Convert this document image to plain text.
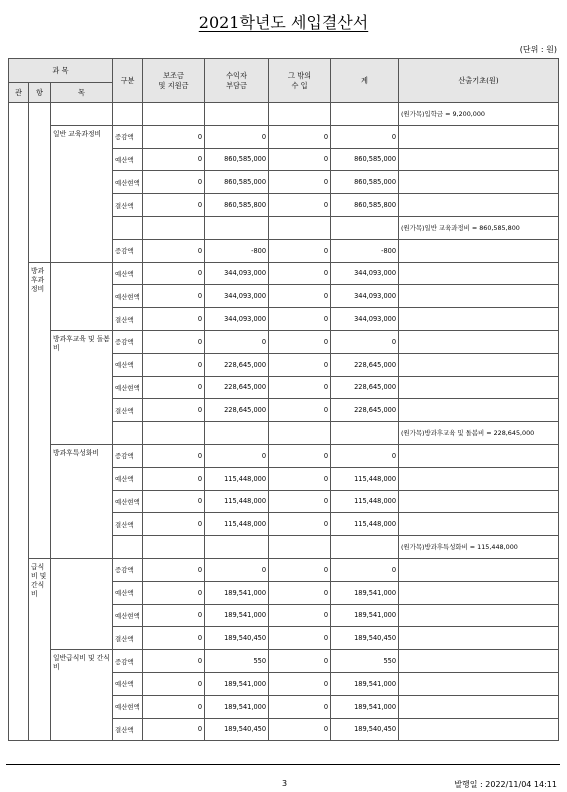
2021학년도 세입결산서
(단위 : 원)
과 목			구분	보조금
및 지원금	수익자
부담금	그 밖의
수 입	계	산출기초(원)
관	항	목						
								(원가목)입학금 = 9,200,000
		일반 교육과정비	증감액	0	0	0	0	
			예산액	0	860,585,000	0	860,585,000	
			예산현액	0	860,585,000	0	860,585,000	
			결산액	0	860,585,800	0	860,585,800	
								(원가목)일반 교육과정비 = 860,585,800
			증감액	0	-800	0	-800	
	방과후과정비		예산액	0	344,093,000	0	344,093,000	
			예산현액	0	344,093,000	0	344,093,000	
			결산액	0	344,093,000	0	344,093,000	
		방과후교육 및 돌봄비	증감액	0	0	0	0	
			예산액	0	228,645,000	0	228,645,000	
			예산현액	0	228,645,000	0	228,645,000	
			결산액	0	228,645,000	0	228,645,000	
								(원가목)방과후교육 및 돌봄비 = 228,645,000
		방과후특성화비	증감액	0	0	0	0	
			예산액	0	115,448,000	0	115,448,000	
			예산현액	0	115,448,000	0	115,448,000	
			결산액	0	115,448,000	0	115,448,000	
								(원가목)방과후특성화비 = 115,448,000
	급식비 및 간식비		증감액	0	0	0	0	
			예산액	0	189,541,000	0	189,541,000	
			예산현액	0	189,541,000	0	189,541,000	
			결산액	0	189,540,450	0	189,540,450	
		일반급식비 및 간식비	증감액	0	550	0	550	
			예산액	0	189,541,000	0	189,541,000	
			예산현액	0	189,541,000	0	189,541,000	
			결산액	0	189,540,450	0	189,540,450	
3	발행일 : 2022/11/04 14:11
